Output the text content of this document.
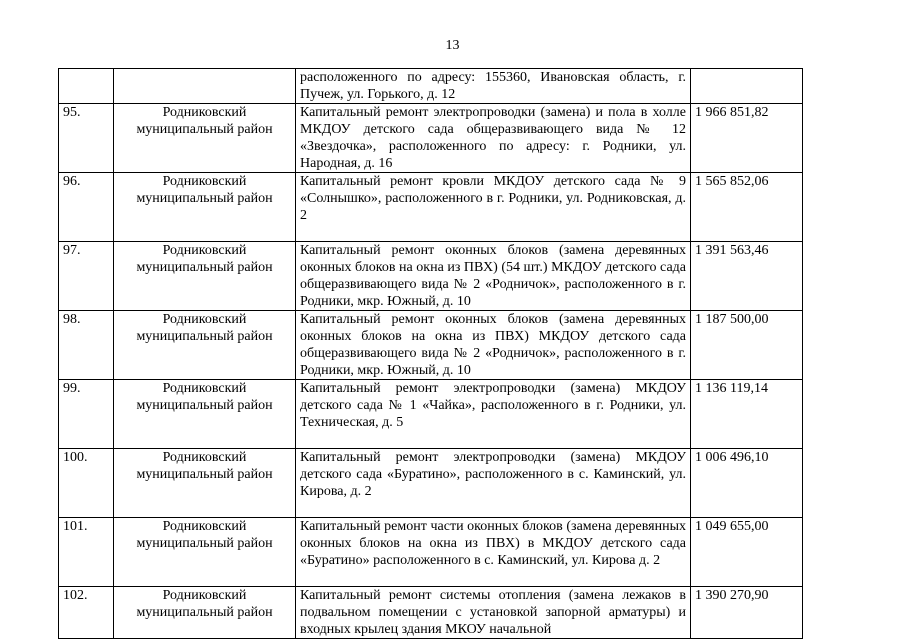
13
		расположенного по адресу: 155360, Ивановская область, г. Пучеж, ул. Горького, д. 12	
95.	Родниковский муниципальный район	Капитальный ремонт электропроводки (замена) и пола в холле МКДОУ детского сада общеразвивающего вида № 12 «Звездочка», расположенного по адресу: г. Родники, ул. Народная, д. 16	1 966 851,82
96.	Родниковский муниципальный район	Капитальный ремонт кровли МКДОУ детского сада № 9 «Солнышко», расположенного в г. Родники, ул. Родниковская, д. 2	1 565 852,06
97.	Родниковский муниципальный район	Капитальный ремонт оконных блоков (замена деревянных оконных блоков на окна из ПВХ) (54 шт.) МКДОУ детского сада общеразвивающего вида № 2 «Родничок», расположенного в г. Родники, мкр. Южный, д. 10	1 391 563,46
98.	Родниковский муниципальный район	Капитальный ремонт оконных блоков (замена деревянных оконных блоков на окна из ПВХ) МКДОУ детского сада общеразвивающего вида № 2 «Родничок», расположенного в г. Родники, мкр. Южный, д. 10	1 187 500,00
99.	Родниковский муниципальный район	Капитальный ремонт электропроводки (замена) МКДОУ детского сада № 1 «Чайка», расположенного в г. Родники, ул. Техническая, д. 5	1 136 119,14
100.	Родниковский муниципальный район	Капитальный ремонт электропроводки (замена) МКДОУ детского сада «Буратино», расположенного в с. Каминский, ул. Кирова, д. 2	1 006 496,10
101.	Родниковский муниципальный район	Капитальный ремонт части оконных блоков (замена деревянных оконных блоков на окна из ПВХ) в МКДОУ детского сада «Буратино» расположенного в с. Каминский, ул. Кирова д. 2	1 049 655,00
102.	Родниковский муниципальный район	Капитальный ремонт системы отопления (замена лежаков в подвальном помещении с установкой запорной арматуры) и входных крылец здания МКОУ начальной	1 390 270,90
